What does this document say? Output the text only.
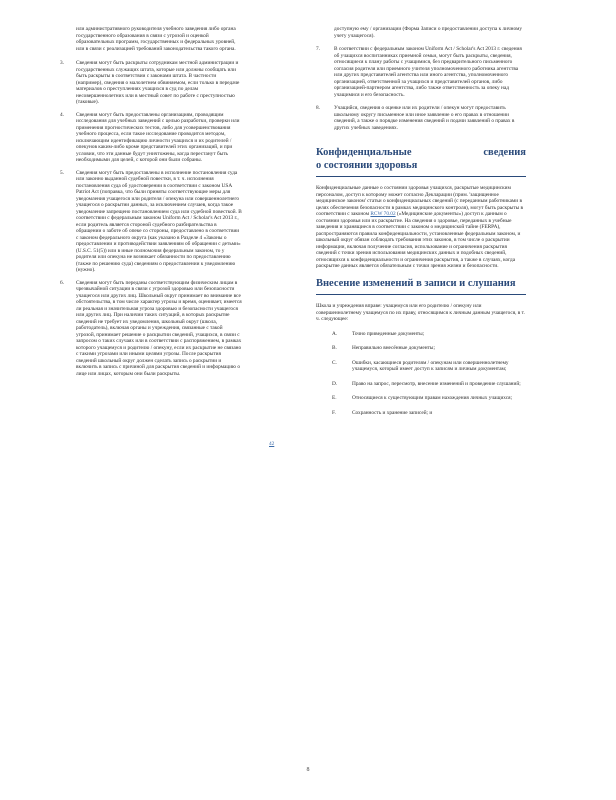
или административного руководителя учебного заведения либо органа государственного образования в связи с угрозой и оценкой образовательных программ, государственных и федеральных уровней, или в связи с реализацией требований законодательства такого органа.
3.	Сведения могут быть раскрыты сотрудникам местной администрации и государственных служащих штата, которые или должны сообщать или быть раскрыты в соответствии с законами штата. В частности (например), сведения о малолетнем обвиняемом, если только в передаче материалов о преступлениях учащихся в суд по делам несовершеннолетних или в местный совет по работе с преступностью (таковые).
4.	Сведения могут быть предоставлены организациям, проводящим исследования для учебных заведений с целью разработки, проверки или применения прогностических тестов, либо для усовершенствования учебного процесса, если такое исследование проводится методом, исключающим идентификацию личности учащихся и их родителей / опекунов каким-либо кроме представителей этих организаций, и при условии, что эти данные будут уничтожены, когда перестанут быть необходимыми для целей, с которой они были собраны.
5.	Сведения могут быть предоставлены в исполнение постановления суда или законно выданной судебной повестки, в т. ч. исполнения постановления суда об удостоверении в соответствии с законом USA Patriot Act (поправка, что были приняты соответствующие меры для уведомления учащегося или родителя / опекуна или совершеннолетнего учащегося о раскрытии данных, за исключением случаев, когда такое уведомление запрещено постановлением суда или судебной повесткой. В соответствии с федеральным законом Uniform Act / Scholar's Act 2013 г., если родитель является стороной судебного разбирательства в обращении о заботе об опеке со стороны, предоставлено в соответствии с законом федерального округа (как указано в Разделе 4 «Законы о предоставлении и противодействии заявлениям об обращении с детьми» (U.S.C. 51(5)) или в иные полномочия федеральным законом, то у родителя или опекуна не возникает обязанности по предоставлению (также по решению суда) сведениям о предоставлении к уведомлению (нужно).
6.	Сведения могут быть переданы соответствующим физическим лицам в чрезвычайной ситуации в связи с угрозой здоровью или безопасности учащегося или других лиц. Школьный округ принимает во внимание все обстоятельства, в том числе характер угрозы и время, оценивает, имеется ли реальная и значительная угроза здоровью и безопасности учащегося или других лиц. При наличии таких ситуаций, в которых раскрытие сведений не требует их уведомления, школьный округ (школа, работодатель), включая органы и учреждения, связанные с такой угрозой, принимает решение о раскрытии сведений, учащихся, в связи с запросом о таких случаях или в соответствии с распоряжением, в рамках которого учащемуся и родителю / опекуну, если их раскрытие не связано с такими угрозами или иными целями угрозы. После раскрытия сведений школьный округ должен сделать запись о раскрытии и включить в запись с причиной для раскрытия сведений и информацию о лице или лицах, которым они были раскрыты.
доступную ему / организации (Форма Записи о предоставлении доступа к личному учету учащегося).
7.	В соответствии с федеральным законом Uniform Act / Scholar's Act 2013 г. сведения об учащихся воспитанниках приемной семьи, могут быть раскрыты, сведения, относящиеся к плану работы с учащимися, без предварительного письменного согласия родителя или приемного учителя уполномоченного работника агентства или других представителей агентства или иного агентства, уполномоченного организацией, ответственной за учащихся и представителей органов, либо организацией-партнером агентства, либо также ответственность за опеку над учащимися и его безопасность.
8.	Учащийся, сведения о оценке или их родители / опекун могут предоставить школьному округу письменное или иное заявление о его правах в отношении сведений, а также о порядке изменения сведений и подачи заявлений о правах в других учебных заведениях.
Конфиденциальные сведения
о состоянии здоровья
Конфиденциальные данные о состоянии здоровья учащихся, раскрытые медицинским персоналом, доступ к которому может согласно Декларации (прим. 'защищенное медицинское законом' статьи о конфиденциальных сведений (с переданным работниками в целях обеспечения безопасности в рамках медицинского контроля), могут быть раскрыты в соответствии с законом RCW 70.02 («Медицинские документы») доступ к данным о состоянии здоровья или их раскрытие. На сведения о здоровье, переданных в учебные заведения и хранящиеся в соответствии с законом о медицинской тайне (FERPA), распространяются правила конфиденциальности, установленные федеральным законом, и школьный округ обязан соблюдать требования этих законов, в том числе о раскрытии информации, включая получение согласия, использование и ограничения раскрытия сведений с точки зрения использования медицинских данных и подобных сведений, относящихся к конфиденциальности и ограничения раскрытия, а также в случаях, когда раскрытие данных является обязательным с точки зрения жизни и безопасности.
Внесение изменений в записи и слушания
Школа и учреждения вправе: учащемуся или его родителю / опекуну или совершеннолетнему учащемуся по их праву, относящимся к личным данным учащегося, в т. ч. следующее:
A.	Точно приведенные документы;
B.	Неправильно внесённые документы;
C.	Ошибки, касающиеся родителям / опекунам или совершеннолетнему учащемуся, который имеет доступ к записям и личным документам;
D.	Право на запрос, пересмотр, внесение изменений и проведение слушаний;
E.	Относящиеся к существующим правам нахождения личных учащихся;
F.	Сохранность и хранение записей; и
42
8
